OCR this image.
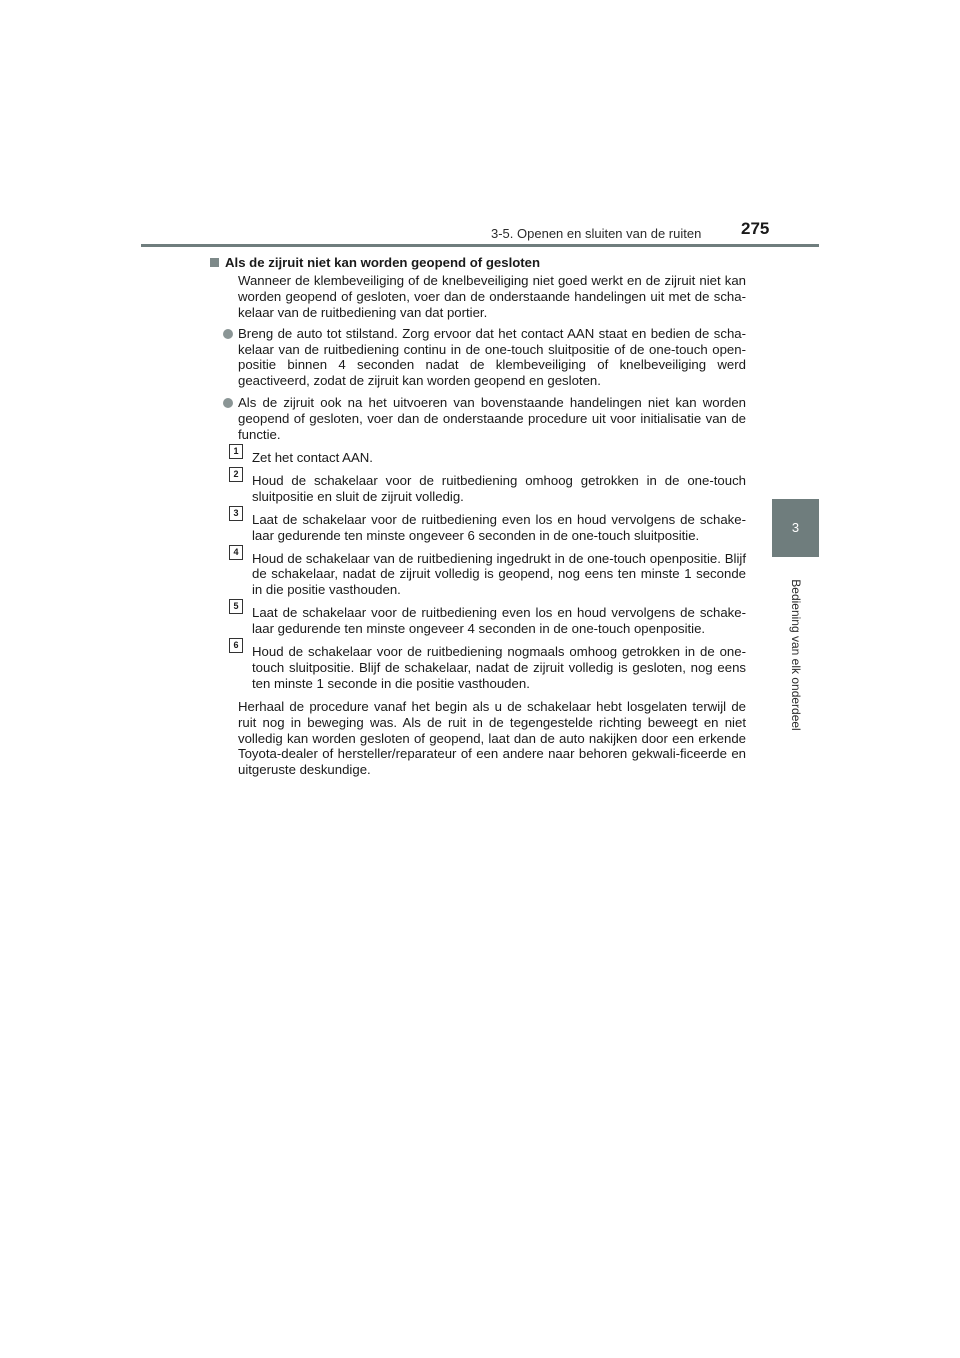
3-5. Openen en sluiten van de ruiten 275
3
Bediening van elk onderdeel
Als de zijruit niet kan worden geopend of gesloten
Wanneer de klembeveiliging of de knelbeveiliging niet goed werkt en de zijruit niet kan worden geopend of gesloten, voer dan de onderstaande handelingen uit met de scha-kelaar van de ruitbediening van dat portier.
Breng de auto tot stilstand. Zorg ervoor dat het contact AAN staat en bedien de scha-kelaar van de ruitbediening continu in de one-touch sluitpositie of de one-touch open-positie binnen 4 seconden nadat de klembeveiliging of knelbeveiliging werd geactiveerd, zodat de zijruit kan worden geopend en gesloten.
Als de zijruit ook na het uitvoeren van bovenstaande handelingen niet kan worden geopend of gesloten, voer dan de onderstaande procedure uit voor initialisatie van de functie.
1	Zet het contact AAN.
2	Houd de schakelaar voor de ruitbediening omhoog getrokken in de one-touch sluitpositie en sluit de zijruit volledig.
3	Laat de schakelaar voor de ruitbediening even los en houd vervolgens de schake-laar gedurende ten minste ongeveer 6 seconden in de one-touch sluitpositie.
4	Houd de schakelaar van de ruitbediening ingedrukt in de one-touch openpositie. Blijf de schakelaar, nadat de zijruit volledig is geopend, nog eens ten minste 1 seconde in die positie vasthouden.
5	Laat de schakelaar voor de ruitbediening even los en houd vervolgens de schake-laar gedurende ten minste ongeveer 4 seconden in de one-touch openpositie.
6	Houd de schakelaar voor de ruitbediening nogmaals omhoog getrokken in de one-touch sluitpositie. Blijf de schakelaar, nadat de zijruit volledig is gesloten, nog eens ten minste 1 seconde in die positie vasthouden.
Herhaal de procedure vanaf het begin als u de schakelaar hebt losgelaten terwijl de ruit nog in beweging was. Als de ruit in de tegengestelde richting beweegt en niet volledig kan worden gesloten of geopend, laat dan de auto nakijken door een erkende Toyota-dealer of hersteller/reparateur of een andere naar behoren gekwali-ficeerde en uitgeruste deskundige.
